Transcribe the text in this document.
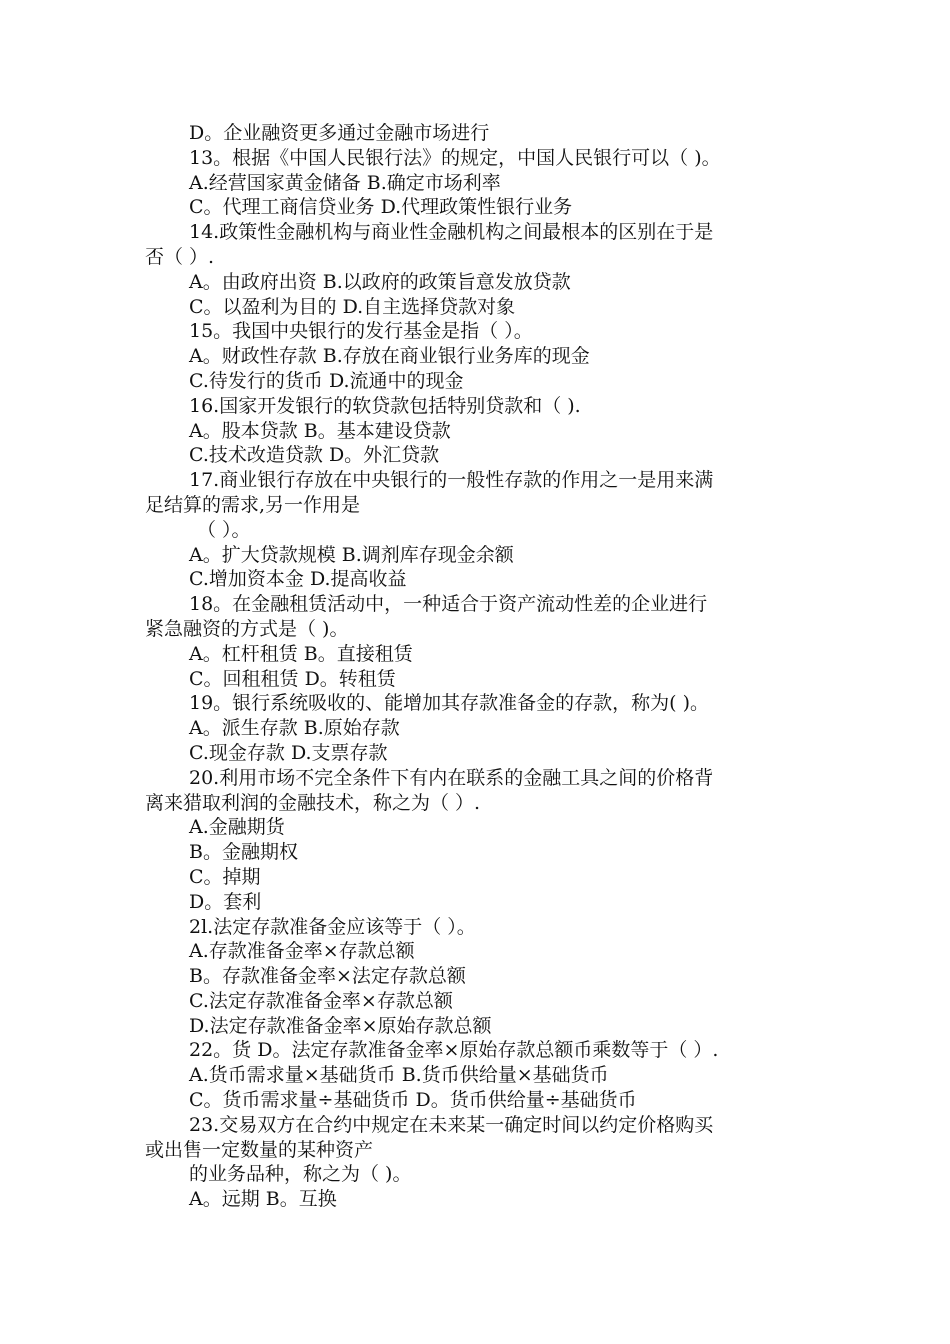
D。企业融资更多通过金融市场进行
13。根据《中国人民银行法》的规定，中国人民银行可以（ )。
A.经营国家黄金储备 B.确定市场利率
C。代理工商信贷业务 D.代理政策性银行业务
14.政策性金融机构与商业性金融机构之间最根本的区别在于是
否（ ）.
A。由政府出资 B.以政府的政策旨意发放贷款
C。以盈利为目的 D.自主选择贷款对象
15。我国中央银行的发行基金是指（ ）。
A。财政性存款 B.存放在商业银行业务库的现金
C.待发行的货币 D.流通中的现金
16.国家开发银行的软贷款包括特别贷款和（ ).
A。股本贷款 B。基本建设贷款
C.技术改造贷款 D。外汇贷款
17.商业银行存放在中央银行的一般性存款的作用之一是用来满
足结算的需求,另一作用是
（ ）。
A。扩大贷款规模 B.调剂库存现金余额
C.增加资本金 D.提高收益
18。在金融租赁活动中，一种适合于资产流动性差的企业进行
紧急融资的方式是（ )。
A。杠杆租赁 B。直接租赁
C。回租租赁 D。转租赁
19。银行系统吸收的、能增加其存款准备金的存款，称为( )。
A。派生存款 B.原始存款
C.现金存款 D.支票存款
20.利用市场不完全条件下有内在联系的金融工具之间的价格背
离来猎取利润的金融技术，称之为（ ）.
A.金融期货
B。金融期权
C。掉期
D。套利
2l.法定存款准备金应该等于（ ）。
A.存款准备金率×存款总额
B。存款准备金率×法定存款总额
C.法定存款准备金率×存款总额
D.法定存款准备金率×原始存款总额
22。货 D。法定存款准备金率×原始存款总额币乘数等于（ ）.
A.货币需求量×基础货币 B.货币供给量×基础货币
C。货币需求量÷基础货币 D。货币供给量÷基础货币
23.交易双方在合约中规定在未来某一确定时间以约定价格购买
或出售一定数量的某种资产
的业务品种，称之为（ )。
A。远期 B。互换
